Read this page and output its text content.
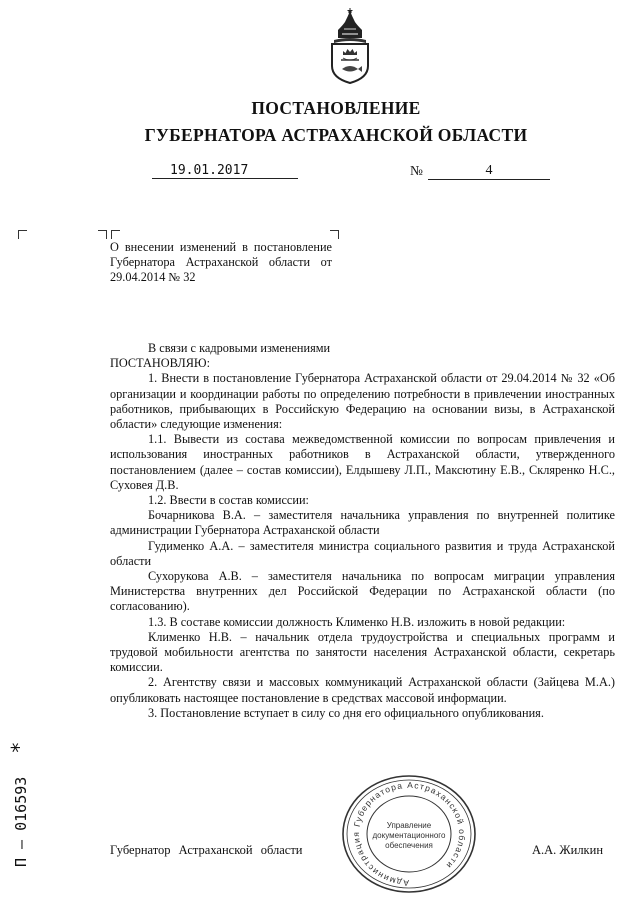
ПОСТАНОВЛЕНИЕ
ГУБЕРНАТОРА АСТРАХАНСКОЙ ОБЛАСТИ
19.01.2017	№	4
О внесении изменений в постановление Губернатора Астраханской области от 29.04.2014 № 32

В связи с кадровыми изменениями

ПОСТАНОВЛЯЮ:

1. Внести в постановление Губернатора Астраханской области от 29.04.2014 № 32 «Об организации и координации работы по определению потребности в привлечении иностранных работников, прибывающих в Российскую Федерацию на основании визы, в Астраханской области» следующие изменения:

1.1. Вывести из состава межведомственной комиссии по вопросам привлечения и использования иностранных работников в Астраханской области, утвержденного постановлением (далее – состав комиссии), Елдышеву Л.П., Максютину Е.В., Скляренко Н.С., Суховея Д.В.

1.2. Ввести в состав комиссии:

Бочарникова В.А. – заместителя начальника управления по внутренней политике администрации Губернатора Астраханской области

Гудименко А.А. – заместителя министра социального развития и труда Астраханской области

Сухорукова А.В. – заместителя начальника по вопросам миграции управления Министерства внутренних дел Российской Федерации по Астраханской области (по согласованию).

1.3. В составе комиссии должность Клименко Н.В. изложить в новой редакции:

Клименко Н.В. – начальник отдела трудоустройства и специальных программ и трудовой мобильности агентства по занятости населения Астраханской области, секретарь комиссии.

2. Агентству связи и массовых коммуникаций Астраханской области (Зайцева М.А.) опубликовать настоящее постановление в средствах массовой информации.

3. Постановление вступает в силу со дня его официального опубликования.

Администрация Губернатора Астраханской области
Управление
документационного
обеспечения
Губернатор Астраханской области	А.А. Жилкин
П – 016593 *
